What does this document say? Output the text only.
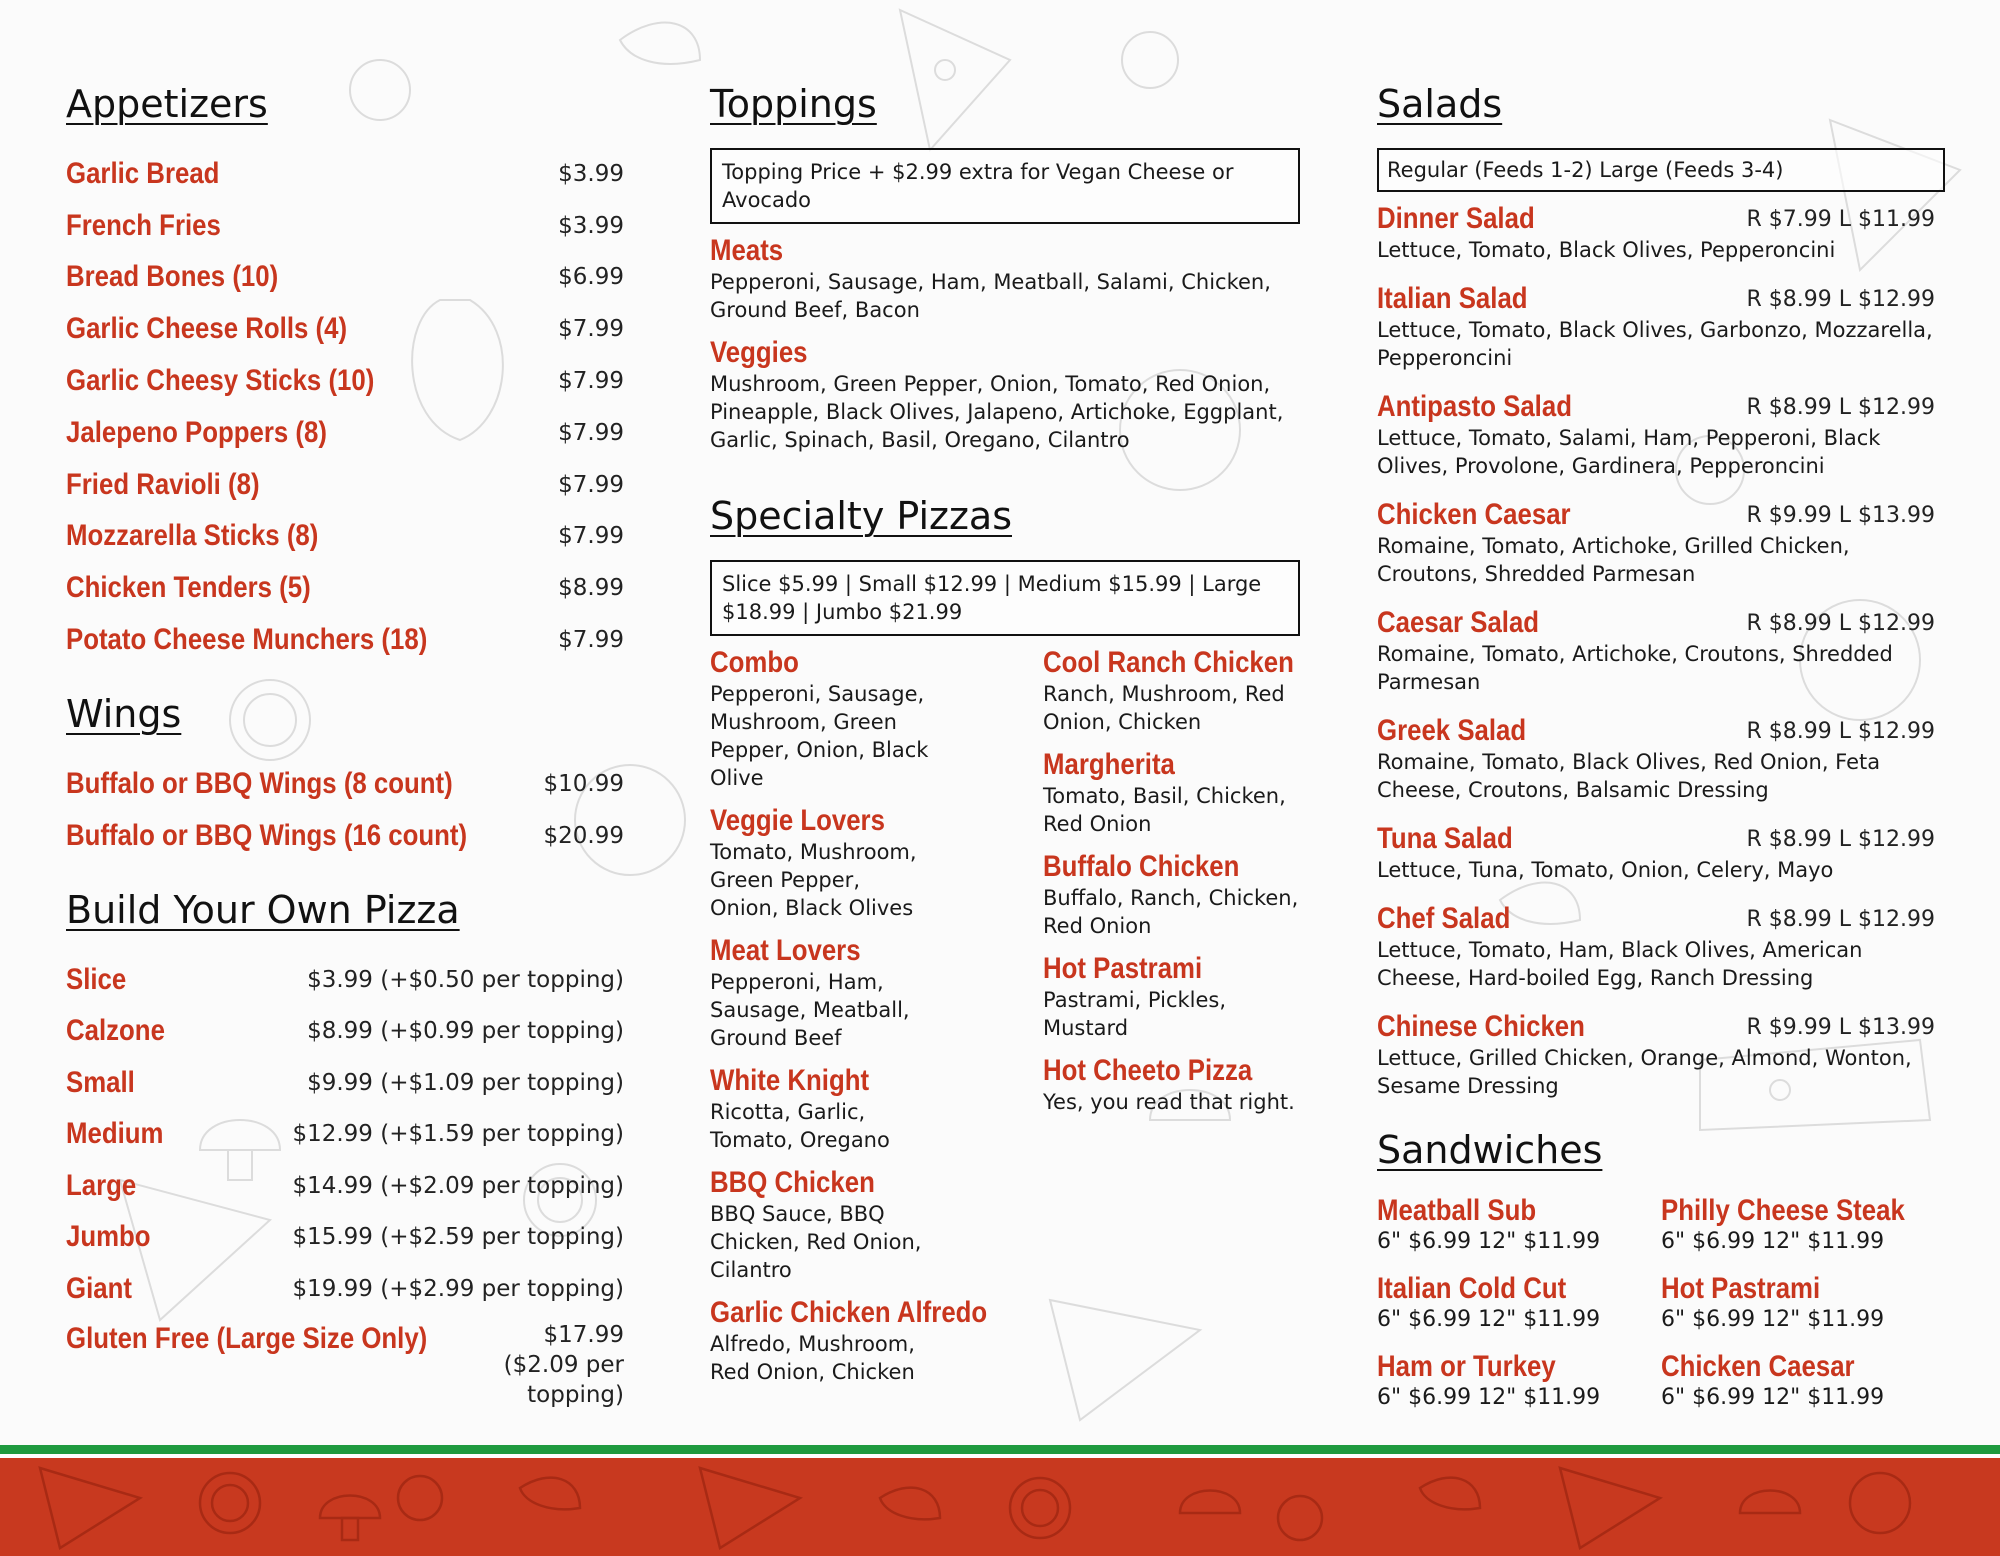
Appetizers
Garlic Bread	$3.99
French Fries	$3.99
Bread Bones (10)	$6.99
Garlic Cheese Rolls (4)	$7.99
Garlic Cheesy Sticks (10)	$7.99
Jalepeno Poppers (8)	$7.99
Fried Ravioli (8)	$7.99
Mozzarella Sticks (8)	$7.99
Chicken Tenders (5)	$8.99
Potato Cheese Munchers (18)	$7.99
Wings
Buffalo or BBQ Wings (8 count)	$10.99
Buffalo or BBQ Wings (16 count)	$20.99
Build Your Own Pizza
Slice	$3.99 (+$0.50 per topping)
Calzone	$8.99 (+$0.99 per topping)
Small	$9.99 (+$1.09 per topping)
Medium	$12.99 (+$1.59 per topping)
Large	$14.99 (+$2.09 per topping)
Jumbo	$15.99 (+$2.59 per topping)
Giant	$19.99 (+$2.99 per topping)
Gluten Free (Large Size Only)	$17.99 ($2.09 per topping)
Toppings
Topping Price + $2.99 extra for Vegan Cheese or Avocado
Meats
Pepperoni, Sausage, Ham, Meatball, Salami, Chicken, Ground Beef, Bacon
Veggies
Mushroom, Green Pepper, Onion, Tomato, Red Onion, Pineapple, Black Olives, Jalapeno, Artichoke, Eggplant, Garlic, Spinach, Basil, Oregano, Cilantro
Specialty Pizzas
Slice $5.99 | Small $12.99 | Medium $15.99 | Large $18.99 | Jumbo $21.99
Combo
Pepperoni, Sausage, Mushroom, Green Pepper, Onion, Black Olive
Veggie Lovers
Tomato, Mushroom, Green Pepper, Onion, Black Olives
Meat Lovers
Pepperoni, Ham, Sausage, Meatball, Ground Beef
White Knight
Ricotta, Garlic, Tomato, Oregano
BBQ Chicken
BBQ Sauce, BBQ Chicken, Red Onion, Cilantro
Garlic Chicken Alfredo
Alfredo, Mushroom, Red Onion, Chicken
Cool Ranch Chicken
Ranch, Mushroom, Red Onion, Chicken
Margherita
Tomato, Basil, Chicken, Red Onion
Buffalo Chicken
Buffalo, Ranch, Chicken, Red Onion
Hot Pastrami
Pastrami, Pickles, Mustard
Hot Cheeto Pizza
Yes, you read that right.
Salads
Regular (Feeds 1-2) Large (Feeds 3-4)
Dinner Salad	R $7.99 L $11.99
Lettuce, Tomato, Black Olives, Pepperoncini
Italian Salad	R $8.99 L $12.99
Lettuce, Tomato, Black Olives, Garbonzo, Mozzarella, Pepperoncini
Antipasto Salad	R $8.99 L $12.99
Lettuce, Tomato, Salami, Ham, Pepperoni, Black Olives, Provolone, Gardinera, Pepperoncini
Chicken Caesar	R $9.99 L $13.99
Romaine, Tomato, Artichoke, Grilled Chicken, Croutons, Shredded Parmesan
Caesar Salad	R $8.99 L $12.99
Romaine, Tomato, Artichoke, Croutons, Shredded Parmesan
Greek Salad	R $8.99 L $12.99
Romaine, Tomato, Black Olives, Red Onion, Feta Cheese, Croutons, Balsamic Dressing
Tuna Salad	R $8.99 L $12.99
Lettuce, Tuna, Tomato, Onion, Celery, Mayo
Chef Salad	R $8.99 L $12.99
Lettuce, Tomato, Ham, Black Olives, American Cheese, Hard-boiled Egg, Ranch Dressing
Chinese Chicken	R $9.99 L $13.99
Lettuce, Grilled Chicken, Orange, Almond, Wonton, Sesame Dressing
Sandwiches
Meatball Sub
6" $6.99 12" $11.99
Italian Cold Cut
6" $6.99 12" $11.99
Ham or Turkey
6" $6.99 12" $11.99
Philly Cheese Steak
6" $6.99 12" $11.99
Hot Pastrami
6" $6.99 12" $11.99
Chicken Caesar
6" $6.99 12" $11.99
